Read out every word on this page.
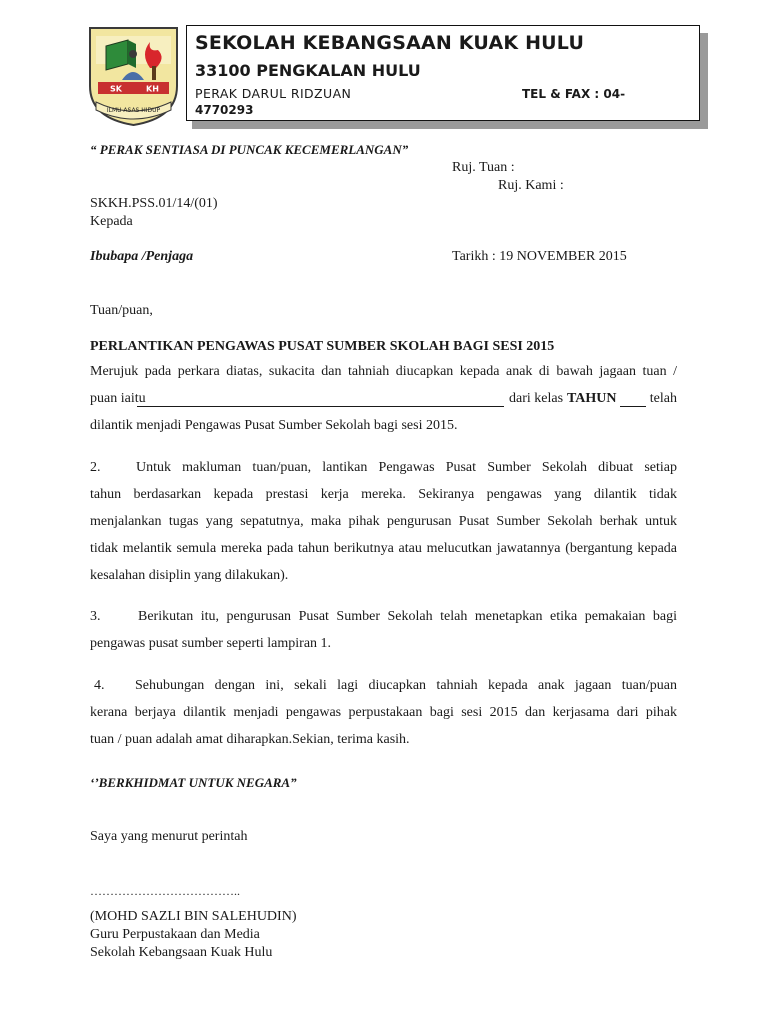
SK	KH
ILMU ASAS HIDUP
SEKOLAH KEBANGSAAN KUAK HULU
33100 PENGKALAN HULU
PERAK DARUL RIDZUAN	TEL & FAX : 04-
4770293
“ PERAK SENTIASA DI PUNCAK KECEMERLANGAN”
Ruj. Tuan :
Ruj. Kami :
SKKH.PSS.01/14/(01)
Kepada
Ibubapa /Penjaga	Tarikh : 19 NOVEMBER 2015
Tuan/puan,
PERLANTIKAN PENGAWAS PUSAT SUMBER SKOLAH BAGI SESI 2015
Merujuk pada perkara diatas, sukacita dan tahniah diucapkan kepada anak di bawah jagaan tuan /
puan iaitu	dari kelas TAHUN telah
dilantik menjadi Pengawas Pusat Sumber Sekolah bagi sesi 2015.
2.	Untuk makluman tuan/puan, lantikan Pengawas Pusat Sumber Sekolah dibuat setiap
tahun berdasarkan kepada prestasi kerja mereka. Sekiranya pengawas yang dilantik tidak
menjalankan tugas yang sepatutnya, maka pihak pengurusan Pusat Sumber Sekolah berhak untuk
tidak melantik semula mereka pada tahun berikutnya atau melucutkan jawatannya (bergantung kepada
kesalahan disiplin yang dilakukan).
3.	Berikutan itu, pengurusan Pusat Sumber Sekolah telah menetapkan etika pemakaian bagi
pengawas pusat sumber seperti lampiran 1.
4. Sehubungan dengan ini, sekali lagi diucapkan tahniah kepada anak jagaan tuan/puan
kerana berjaya dilantik menjadi pengawas perpustakaan bagi sesi 2015 dan kerjasama dari pihak
tuan / puan adalah amat diharapkan.Sekian, terima kasih.
‘’BERKHIDMAT UNTUK NEGARA”
Saya yang menurut perintah
………………………………..
(MOHD SAZLI BIN SALEHUDIN)
Guru Perpustakaan dan Media
Sekolah Kebangsaan Kuak Hulu
